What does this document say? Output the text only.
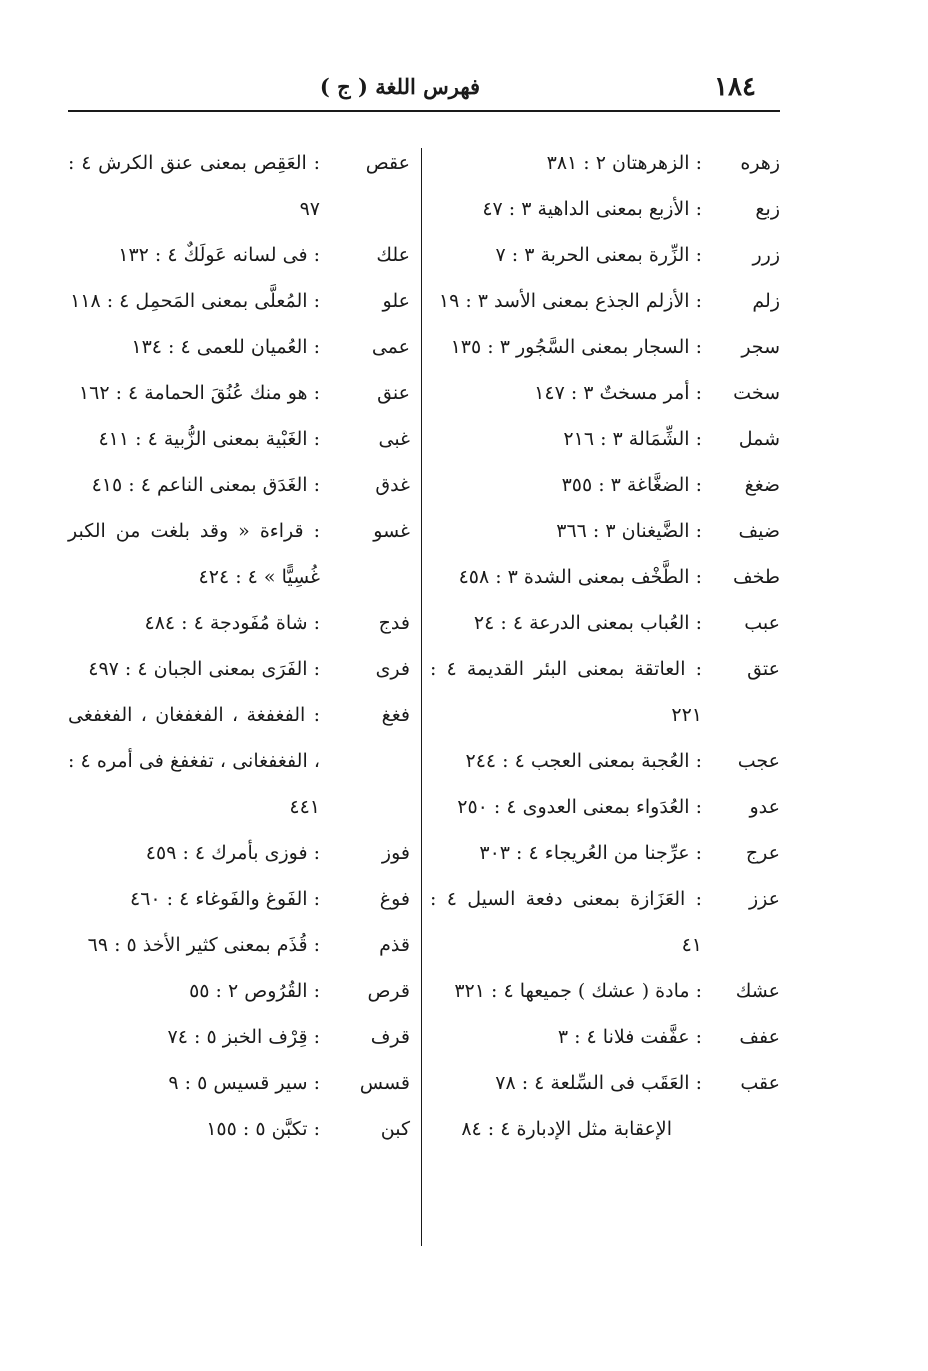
١٨٤
فهرس اللغة ( ج )
زهره
: الزهرهتان ٢ : ٣٨١
زبع
: الأزبع بمعنى الداهية ٣ : ٤٧
زرر
: الزِّرة بمعنى الحربة ٣ : ٧
زلم
: الأزلم الجذع بمعنى الأسد ٣ : ١٩
سجر
: السجار بمعنى السَّجُور ٣ : ١٣٥
سخت
: أمر مسختٌ ٣ : ١٤٧
شمل
: الشِّمَالة ٣ : ٢١٦
ضغغ
: الضغَّاغة ٣ : ٣٥٥
ضيف
: الضَّيغنان ٣ : ٣٦٦
طخف
: الطَّخْف بمعنى الشدة ٣ : ٤٥٨
عبب
: العُباب بمعنى الدرعة ٤ : ٢٤
عتق
: العاتقة بمعنى البئر القديمة ٤ : ٢٢١
عجب
: العُجبة بمعنى العجب ٤ : ٢٤٤
عدو
: العُدَواء بمعنى العدوى ٤ : ٢٥٠
عرج
: عرِّجنا من العُريجاء ٤ : ٣٠٣
عزز
: العَزَازة بمعنى دفعة السيل ٤ : ٤١
عشك
: مادة ( عشك ) جميعها ٤ : ٣٢١
عفف
: عفَّفت فلانا ٤ : ٣
عقب
: العَقَب فى السِّلعة ٤ : ٧٨
الإعقابة مثل الإدبارة ٤ : ٨٤
عقص
: العَقِص بمعنى عنق الكرش ٤ : ٩٧
علك
: فى لسانه عَولَكٌ ٤ : ١٣٢
علو
: المُعلَّى بمعنى المَحمِل ٤ : ١١٨
عمى
: العُميان للعمى ٤ : ١٣٤
عنق
: هو منك عُنُقَ الحمامة ٤ : ١٦٢
غبى
: الغَبْية بمعنى الزُّبية ٤ : ٤١١
غدق
: الغَدَق بمعنى الناعم ٤ : ٤١٥
غسو
: قراءة « وقد بلغت من الكبر غُسِيًّا » ٤ : ٤٢٤
فدج
: شاة مُفَودجة ٤ : ٤٨٤
فرى
: الفَرَى بمعنى الجبان ٤ : ٤٩٧
فغغ
: الفغفغة ، الفغفغان ، الفغفغى ، الفغفغانى ، تفغفغ فى أمره ٤ : ٤٤١
فوز
: فوزى بأمرك ٤ : ٤٥٩
فوغ
: الفَوغ والفَوغاء ٤ : ٤٦٠
قذم
: قُذَم بمعنى كثير الأخذ ٥ : ٦٩
قرص
: القُرُوص ٢ : ٥٥
قرف
: قِرْف الخبز ٥ : ٧٤
قسس
: سير قسيس ٥ : ٩
كبن
: تكبَّن ٥ : ١٥٥
